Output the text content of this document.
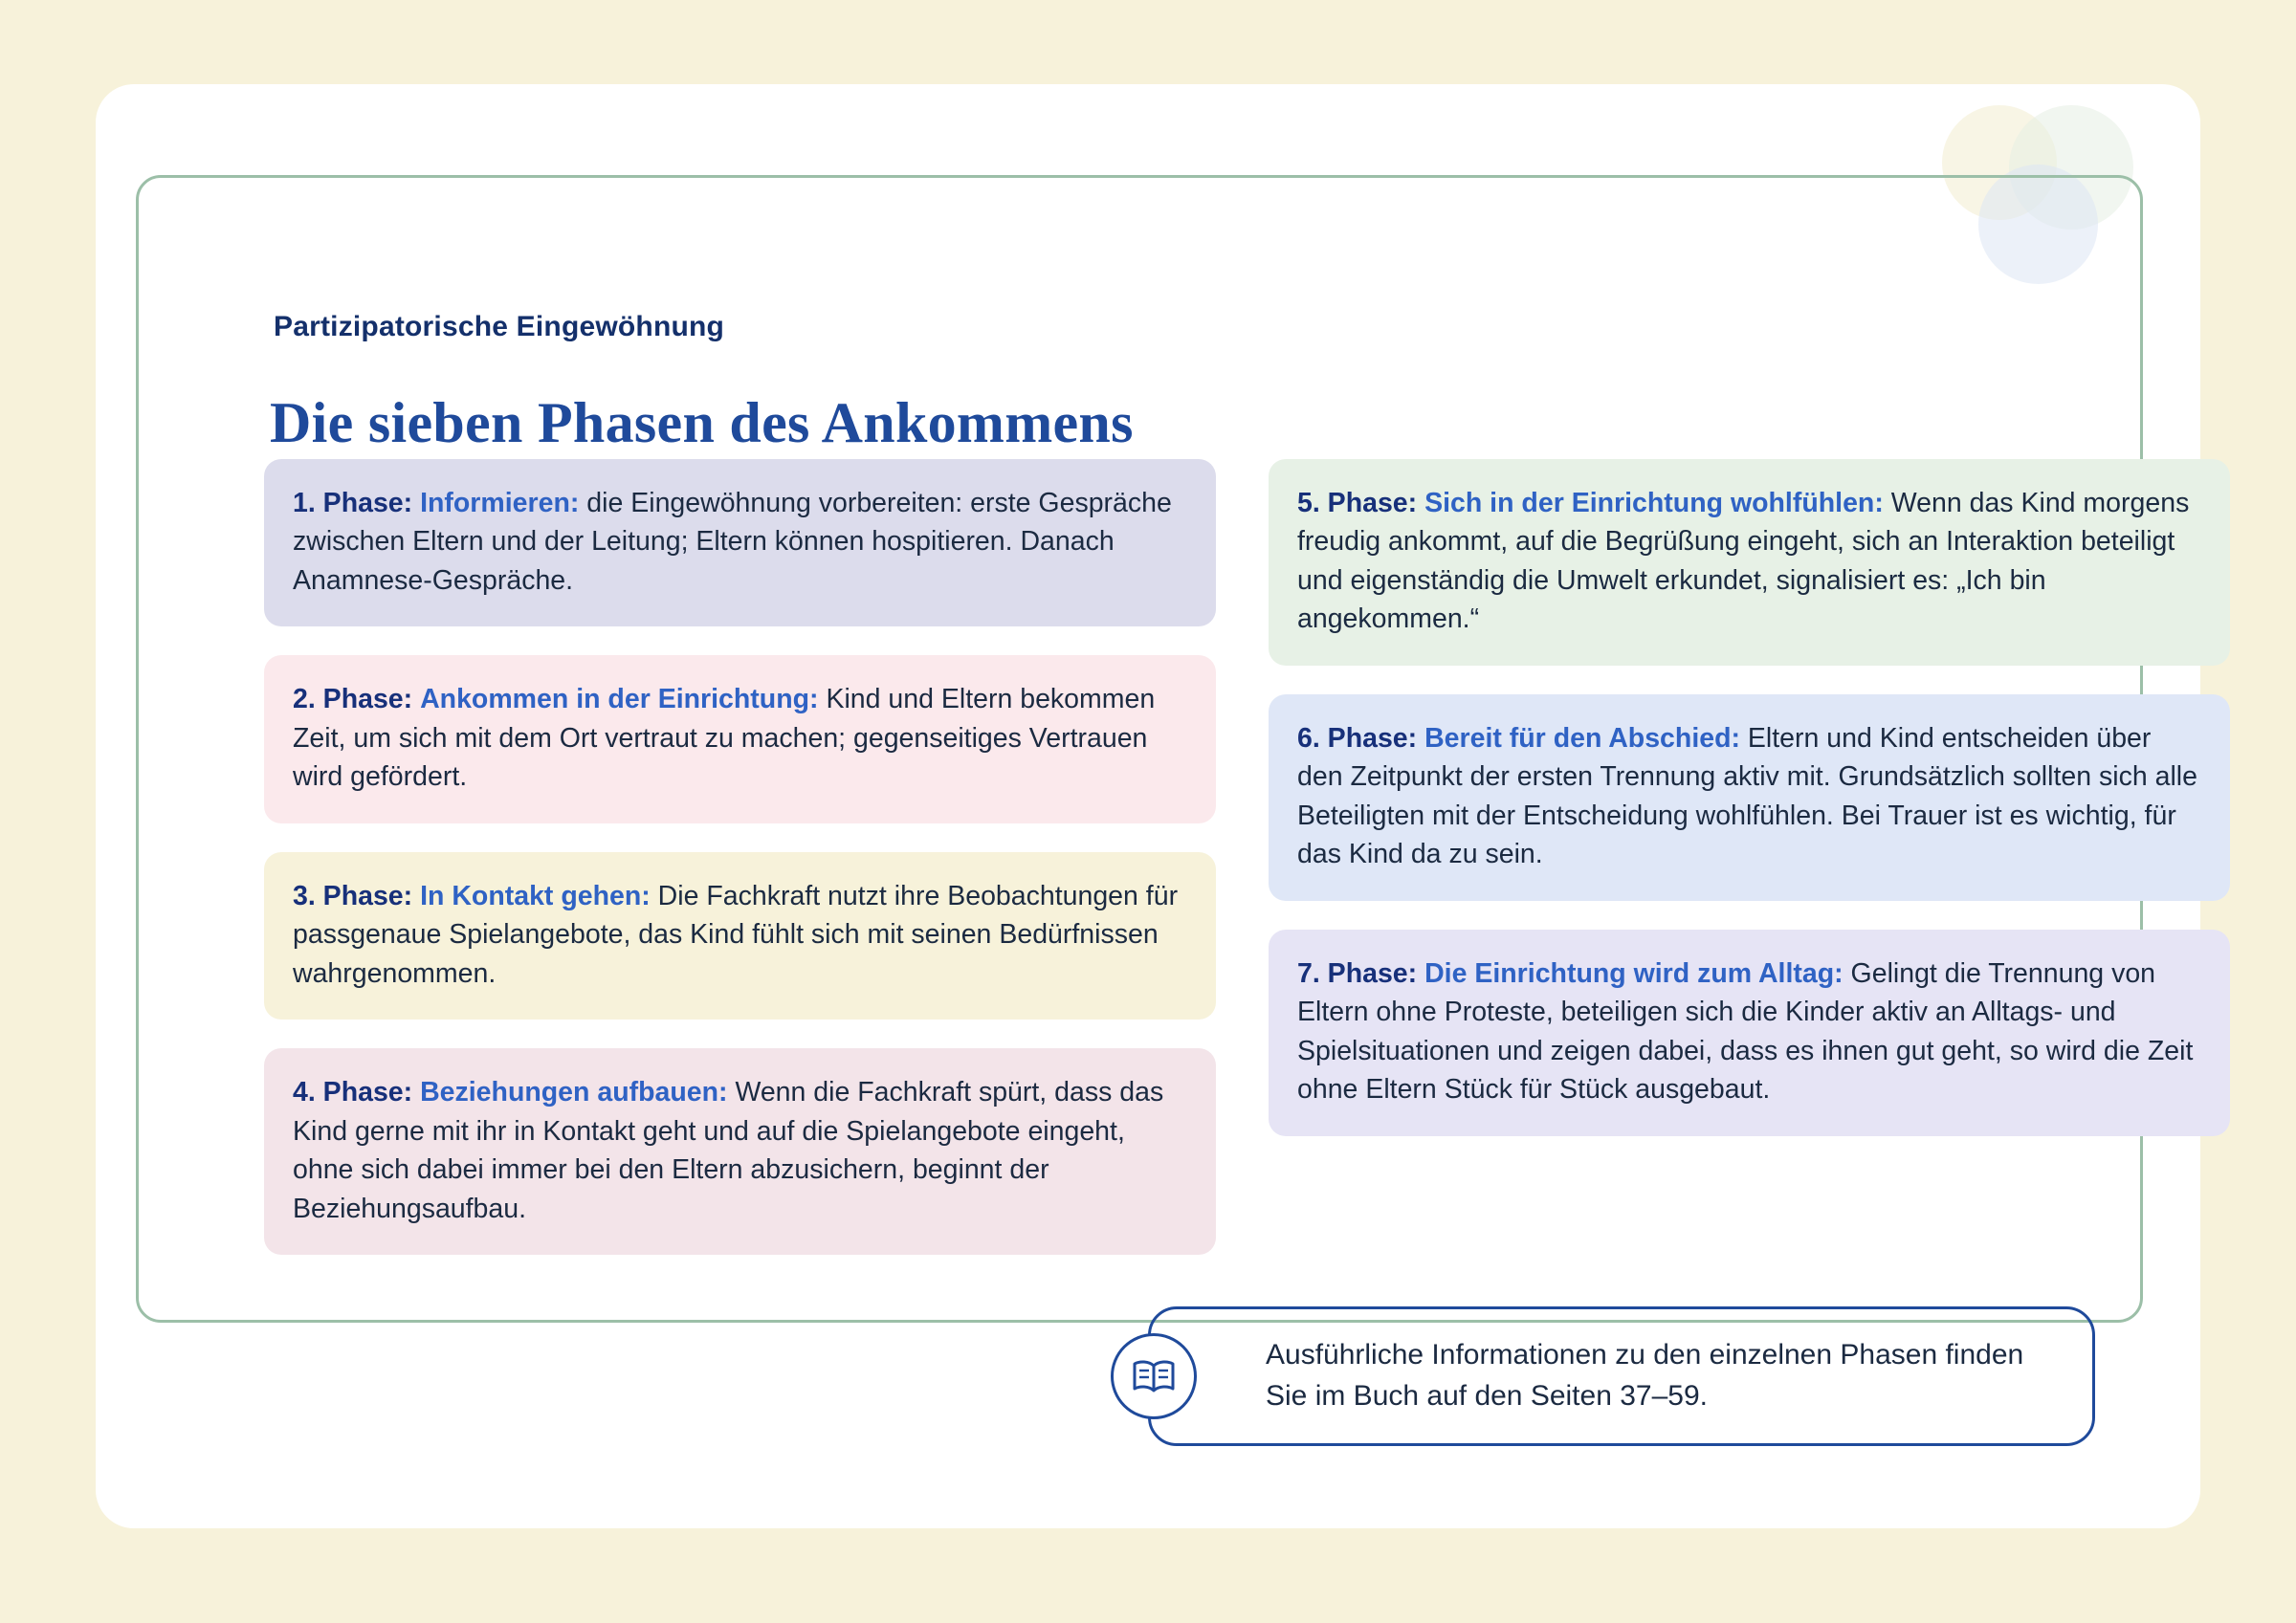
Partizipatorische Eingewöhnung
Die sieben Phasen des Ankommens

1. Phase: Informieren: die Eingewöhnung vorbereiten: erste Gespräche zwischen Eltern und der Leitung; Eltern können hospitieren. Danach Anamnese-Gespräche.

2. Phase: Ankommen in der Einrichtung: Kind und Eltern bekommen Zeit, um sich mit dem Ort vertraut zu machen; gegenseitiges Vertrauen wird gefördert.

3. Phase: In Kontakt gehen: Die Fachkraft nutzt ihre Beobachtungen für passgenaue Spielangebote, das Kind fühlt sich mit seinen Bedürfnissen wahrgenommen.

4. Phase: Beziehungen aufbauen: Wenn die Fachkraft spürt, dass das Kind gerne mit ihr in Kontakt geht und auf die Spielangebote eingeht, ohne sich dabei immer bei den Eltern abzusichern, beginnt der Beziehungsaufbau.

5. Phase: Sich in der Einrichtung wohlfühlen: Wenn das Kind morgens freudig ankommt, auf die Begrüßung eingeht, sich an Interaktion beteiligt und eigenständig die Umwelt erkundet, signalisiert es: „Ich bin angekommen.“

6. Phase: Bereit für den Abschied: Eltern und Kind entscheiden über den Zeitpunkt der ersten Trennung aktiv mit. Grundsätzlich sollten sich alle Beteiligten mit der Entscheidung wohlfühlen. Bei Trauer ist es wichtig, für das Kind da zu sein.

7. Phase: Die Einrichtung wird zum Alltag: Gelingt die Trennung von Eltern ohne Proteste, beteiligen sich die Kinder aktiv an Alltags- und Spielsituationen und zeigen dabei, dass es ihnen gut geht, so wird die Zeit ohne Eltern Stück für Stück ausgebaut.

Ausführliche Informationen zu den einzelnen Phasen finden Sie im Buch auf den Seiten 37–59.
